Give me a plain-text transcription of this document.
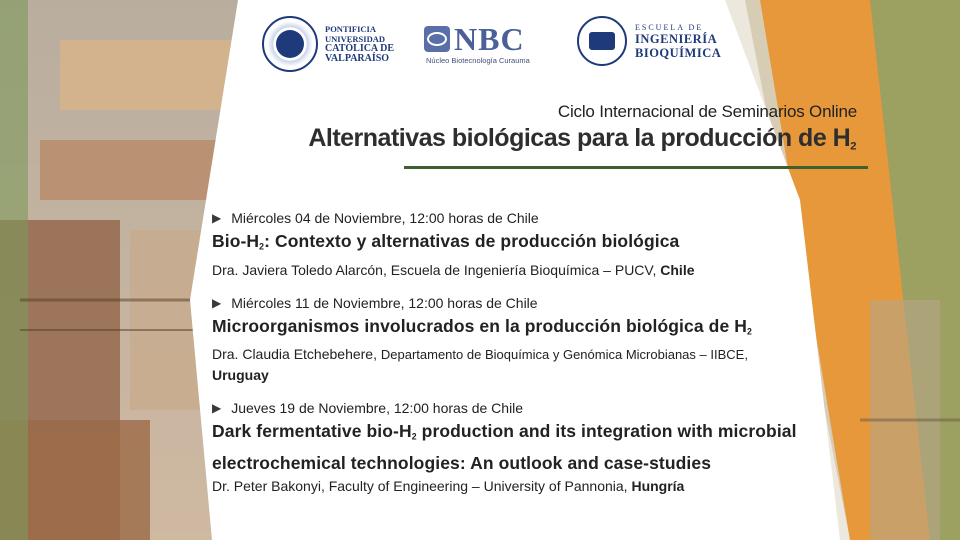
PONTIFICIA
UNIVERSIDAD
CATÓLICA DE
VALPARAÍSO
NBC
Núcleo Biotecnología Curauma
ESCUELA DE
INGENIERÍA
BIOQUÍMICA
Ciclo Internacional de Seminarios Online
Alternativas biológicas para la producción de $H_2$
▶ Miércoles 04 de Noviembre, 12:00 horas de Chile
Bio-$H_2$: Contexto y alternativas de producción biológica
Dra. Javiera Toledo Alarcón, Escuela de Ingeniería Bioquímica – PUCV, Chile
▶ Miércoles 11 de Noviembre, 12:00 horas de Chile
Microorganismos involucrados en la producción biológica de $H_2$
Dra. Claudia Etchebehere, Departamento de Bioquímica y Genómica Microbianas – IIBCE, Uruguay
▶ Jueves 19 de Noviembre, 12:00 horas de Chile
Dark fermentative bio-$H_2$ production and its integration with microbial electrochemical technologies: An outlook and case-studies
Dr. Peter Bakonyi, Faculty of Engineering – University of Pannonia, Hungría
